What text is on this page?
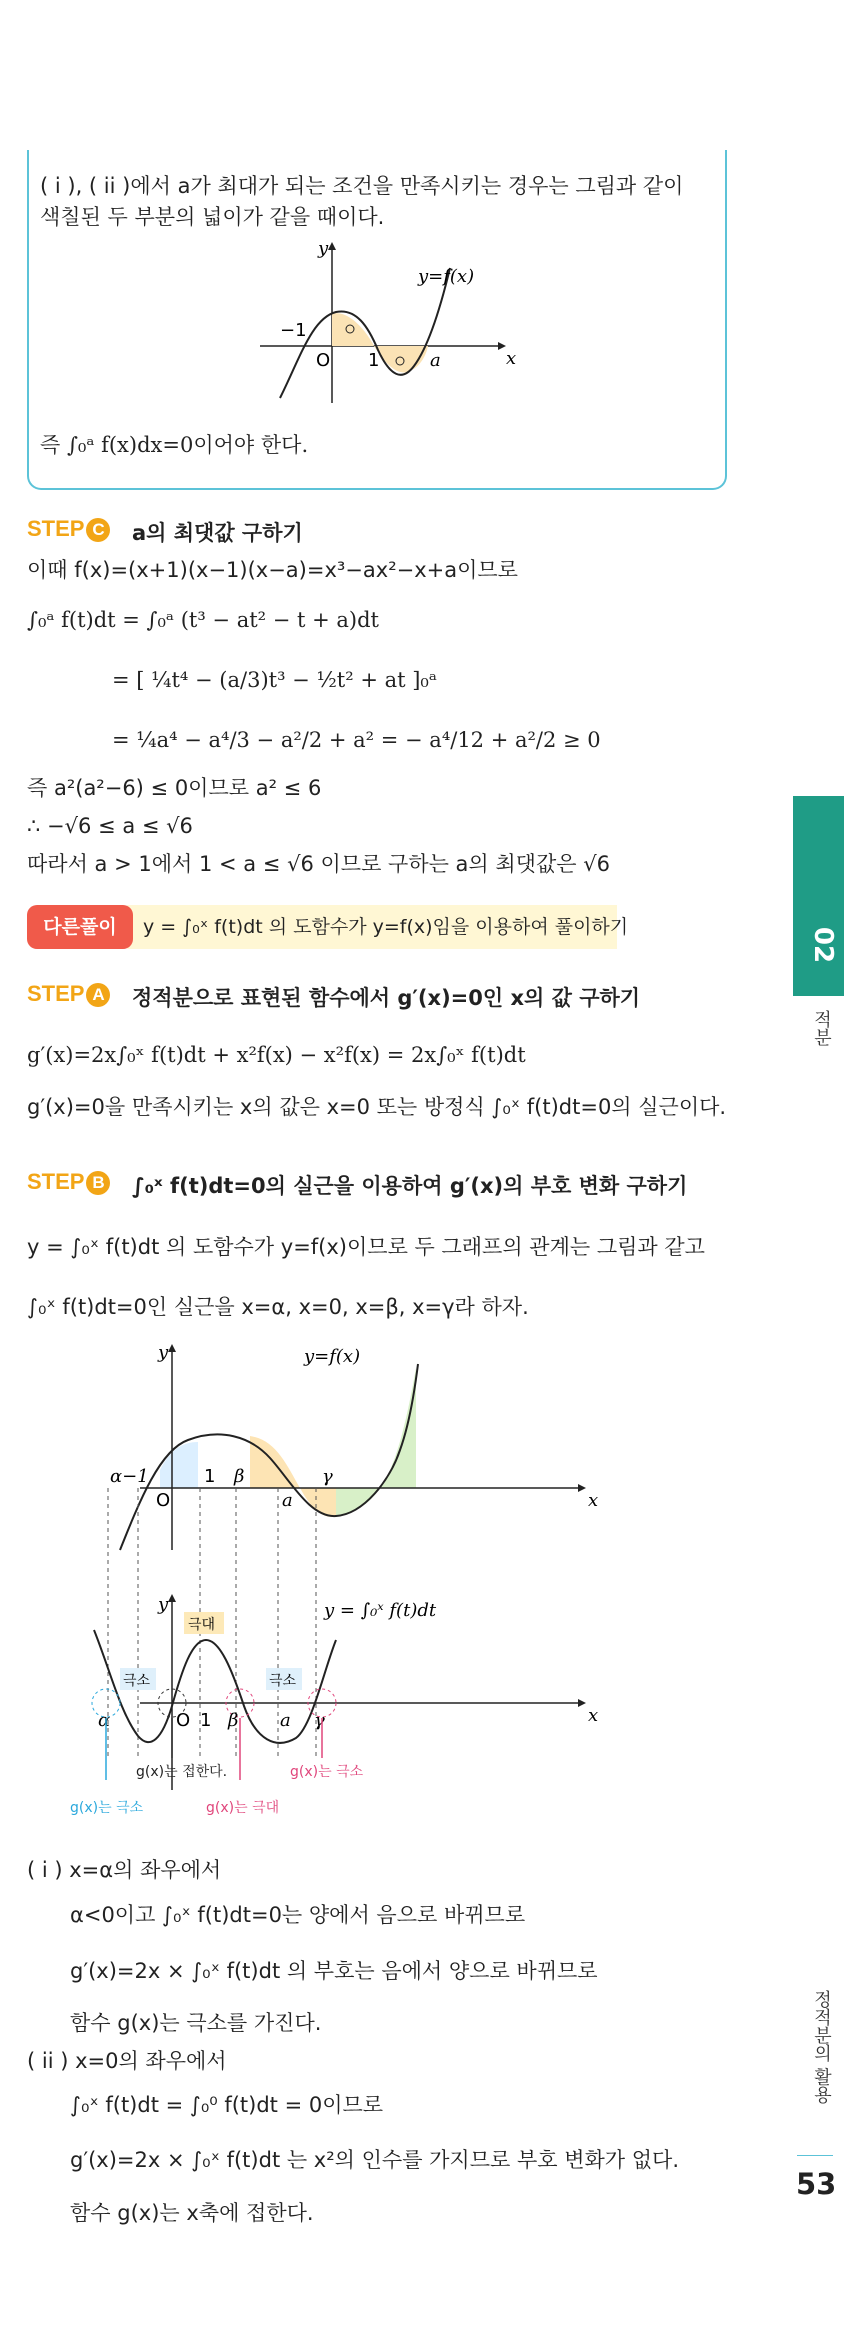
( i ), ( ii )에서 a가 최대가 되는 조건을 만족시키는 경우는 그림과 같이
색칠된 두 부분의 넓이가 같을 때이다.
y
x
O
−1
1	a
y=f(x)
즉 ∫₀ᵃ f(x)dx=0이어야 한다.
STEP C a의 최댓값 구하기
이때 f(x)=(x+1)(x−1)(x−a)=x³−ax²−x+a이므로
∫₀ᵃ f(t)dt = ∫₀ᵃ (t³ − at² − t + a)dt
= [ ¼t⁴ − (a/3)t³ − ½t² + at ]₀ᵃ
= ¼a⁴ − a⁴/3 − a²/2 + a² = − a⁴/12 + a²/2 ≥ 0
즉 a²(a²−6) ≤ 0이므로 a² ≤ 6
∴ −√6 ≤ a ≤ √6
따라서 a > 1에서 1 < a ≤ √6 이므로 구하는 a의 최댓값은 √6
다른풀이	y = ∫₀ˣ f(t)dt 의 도함수가 y=f(x)임을 이용하여 풀이하기
STEP A 정적분으로 표현된 함수에서 g′(x)=0인 x의 값 구하기
g′(x)=2x∫₀ˣ f(t)dt + x²f(x) − x²f(x) = 2x∫₀ˣ f(t)dt
g′(x)=0을 만족시키는 x의 값은 x=0 또는 방정식 ∫₀ˣ f(t)dt=0의 실근이다.
STEP B ∫₀ˣ f(t)dt=0의 실근을 이용하여 g′(x)의 부호 변화 구하기
y = ∫₀ˣ f(t)dt 의 도함수가 y=f(x)이므로 두 그래프의 관계는 그림과 같고
∫₀ˣ f(t)dt=0인 실근을 x=α, x=0, x=β, x=γ라 하자.
y
x
O
α−1	1 β
a
γ
y=f(x)
y
x
α	O 1 β a γ
y = ∫₀ˣ f(t)dt
극대
극소	극소
g(x)는 극소
g(x)는 접한다.
g(x)는 극대
g(x)는 극소
( i ) x=α의 좌우에서
α<0이고 ∫₀ˣ f(t)dt=0는 양에서 음으로 바뀌므로
g′(x)=2x × ∫₀ˣ f(t)dt 의 부호는 음에서 양으로 바뀌므로
함수 g(x)는 극소를 가진다.
( ii ) x=0의 좌우에서
∫₀ˣ f(t)dt = ∫₀⁰ f(t)dt = 0이므로
g′(x)=2x × ∫₀ˣ f(t)dt 는 x²의 인수를 가지므로 부호 변화가 없다.
함수 g(x)는 x축에 접한다.
02
적분
정적분의 활용
53
